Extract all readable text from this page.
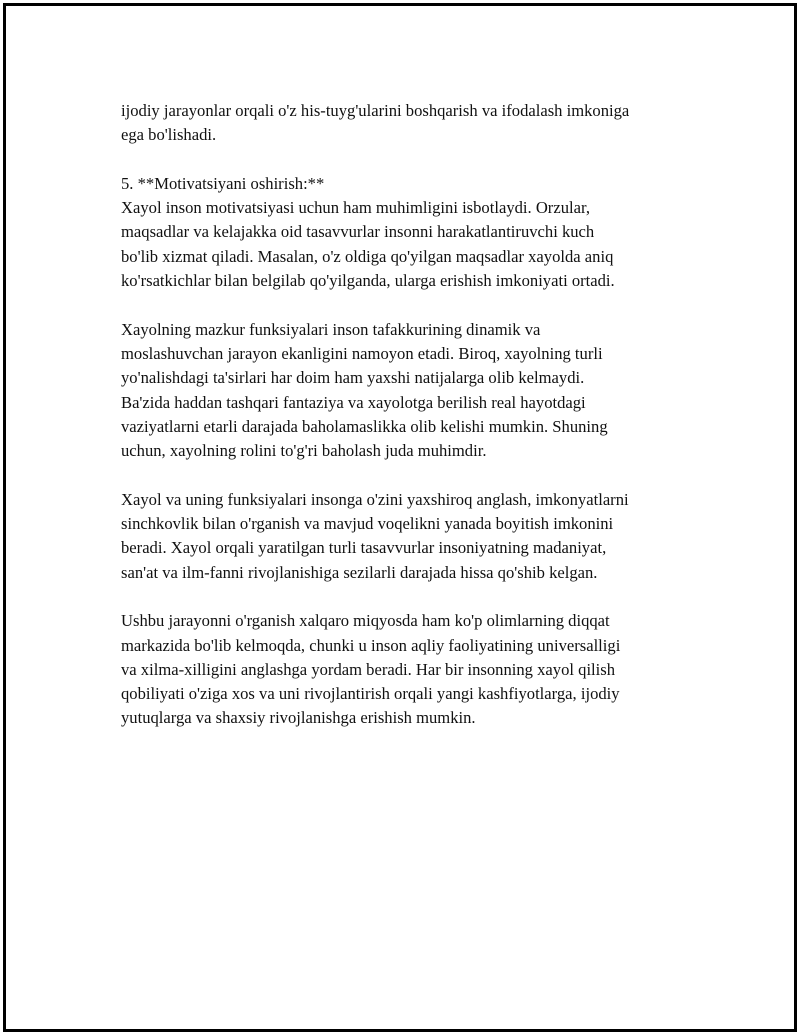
ijodiy jarayonlar orqali o'z his-tuyg'ularini boshqarish va ifodalash imkoniga
ega bo'lishadi.

5. **Motivatsiyani oshirish:**
Xayol inson motivatsiyasi uchun ham muhimligini isbotlaydi. Orzular,
maqsadlar va kelajakka oid tasavvurlar insonni harakatlantiruvchi kuch
bo'lib xizmat qiladi. Masalan, o'z oldiga qo'yilgan maqsadlar xayolda aniq
ko'rsatkichlar bilan belgilab qo'yilganda, ularga erishish imkoniyati ortadi.

Xayolning mazkur funksiyalari inson tafakkurining dinamik va
moslashuvchan jarayon ekanligini namoyon etadi. Biroq, xayolning turli
yo'nalishdagi ta'sirlari har doim ham yaxshi natijalarga olib kelmaydi.
Ba'zida haddan tashqari fantaziya va xayolotga berilish real hayotdagi
vaziyatlarni etarli darajada baholamaslikka olib kelishi mumkin. Shuning
uchun, xayolning rolini to'g'ri baholash juda muhimdir.

Xayol va uning funksiyalari insonga o'zini yaxshiroq anglash, imkonyatlarni
sinchkovlik bilan o'rganish va mavjud voqelikni yanada boyitish imkonini
beradi. Xayol orqali yaratilgan turli tasavvurlar insoniyatning madaniyat,
san'at va ilm-fanni rivojlanishiga sezilarli darajada hissa qo'shib kelgan.

Ushbu jarayonni o'rganish xalqaro miqyosda ham ko'p olimlarning diqqat
markazida bo'lib kelmoqda, chunki u inson aqliy faoliyatining universalligi
va xilma-xilligini anglashga yordam beradi. Har bir insonning xayol qilish
qobiliyati o'ziga xos va uni rivojlantirish orqali yangi kashfiyotlarga, ijodiy
yutuqlarga va shaxsiy rivojlanishga erishish mumkin.
